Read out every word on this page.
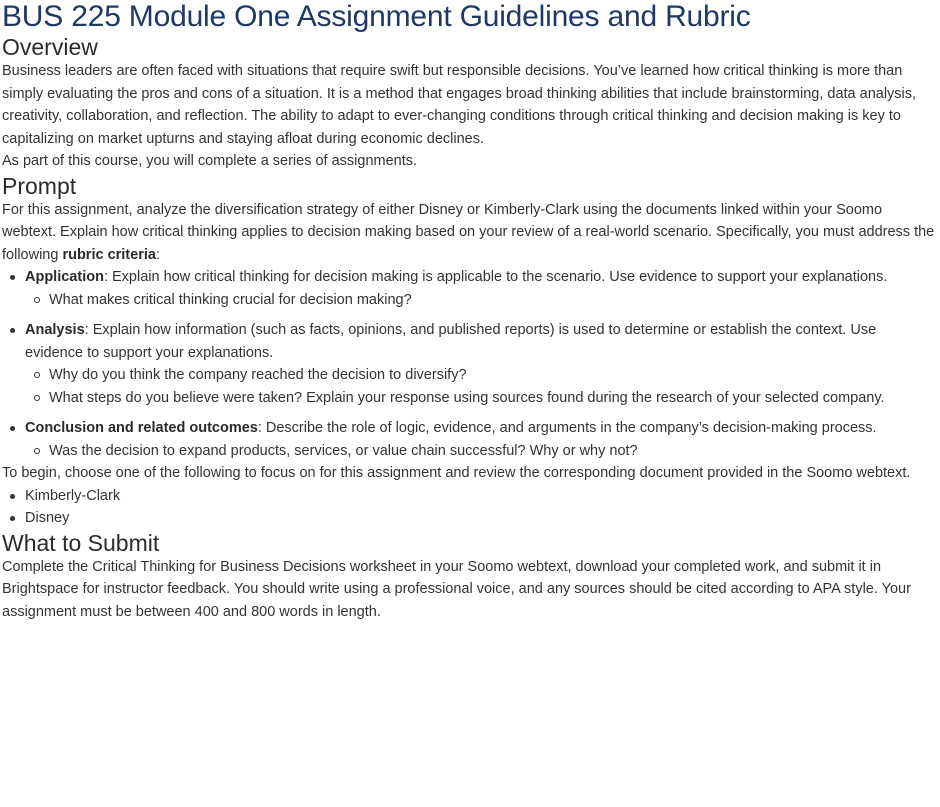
BUS 225 Module One Assignment Guidelines and Rubric
Overview

Business leaders are often faced with situations that require swift but responsible decisions. You’ve learned how critical thinking is more than simply evaluating the pros and cons of a situation. It is a method that engages broad thinking abilities that include brainstorming, data analysis, creativity, collaboration, and reflection. The ability to adapt to ever-changing conditions through critical thinking and decision making is key to capitalizing on market upturns and staying afloat during economic declines.

As part of this course, you will complete a series of assignments.

Prompt

For this assignment, analyze the diversification strategy of either Disney or Kimberly-Clark using the documents linked within your Soomo webtext. Explain how critical thinking applies to decision making based on your review of a real-world scenario. Specifically, you must address the following rubric criteria:

Application: Explain how critical thinking for decision making is applicable to the scenario. Use evidence to support your explanations.
What makes critical thinking crucial for decision making?
Analysis: Explain how information (such as facts, opinions, and published reports) is used to determine or establish the context. Use evidence to support your explanations.
Why do you think the company reached the decision to diversify?
What steps do you believe were taken? Explain your response using sources found during the research of your selected company.
Conclusion and related outcomes: Describe the role of logic, evidence, and arguments in the company’s decision-making process.
Was the decision to expand products, services, or value chain successful? Why or why not?

To begin, choose one of the following to focus on for this assignment and review the corresponding document provided in the Soomo webtext.

Kimberly-Clark
Disney
What to Submit

Complete the Critical Thinking for Business Decisions worksheet in your Soomo webtext, download your completed work, and submit it in Brightspace for instructor feedback. You should write using a professional voice, and any sources should be cited according to APA style. Your assignment must be between 400 and 800 words in length.
